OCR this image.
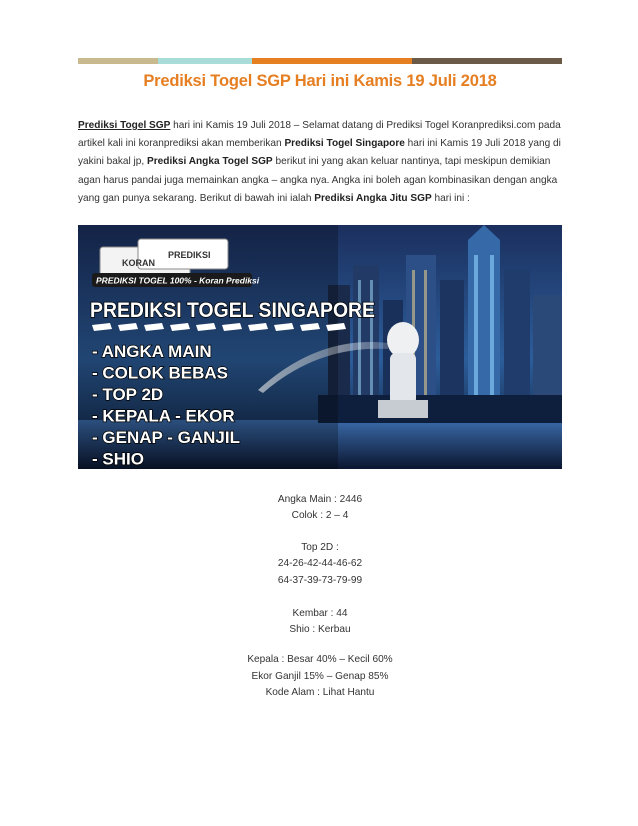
Prediksi Togel SGP Hari ini Kamis 19 Juli 2018
Prediksi Togel SGP hari ini Kamis 19 Juli 2018 – Selamat datang di Prediksi Togel Koranprediksi.com pada artikel kali ini koranprediksi akan memberikan Prediksi Togel Singapore hari ini Kamis 19 Juli 2018 yang di yakini bakal jp, Prediksi Angka Togel SGP berikut ini yang akan keluar nantinya, tapi meskipun demikian agan harus pandai juga memainkan angka – angka nya. Angka ini boleh agan kombinasikan dengan angka yang gan punya sekarang. Berikut di bawah ini ialah Prediksi Angka Jitu SGP hari ini :
KORAN
PREDIKSI
PREDIKSI TOGEL 100% - Koran Prediksi
PREDIKSI TOGEL SINGAPORE
- ANGKA MAIN
- COLOK BEBAS
- TOP 2D
- KEPALA - EKOR
- GENAP - GANJIL
- SHIO
Angka Main : 2446
Colok : 2 – 4
Top 2D :
24-26-42-44-46-62
64-37-39-73-79-99
Kembar : 44
Shio : Kerbau
Kepala : Besar 40% – Kecil 60%
Ekor Ganjil 15% – Genap 85%
Kode Alam : Lihat Hantu
